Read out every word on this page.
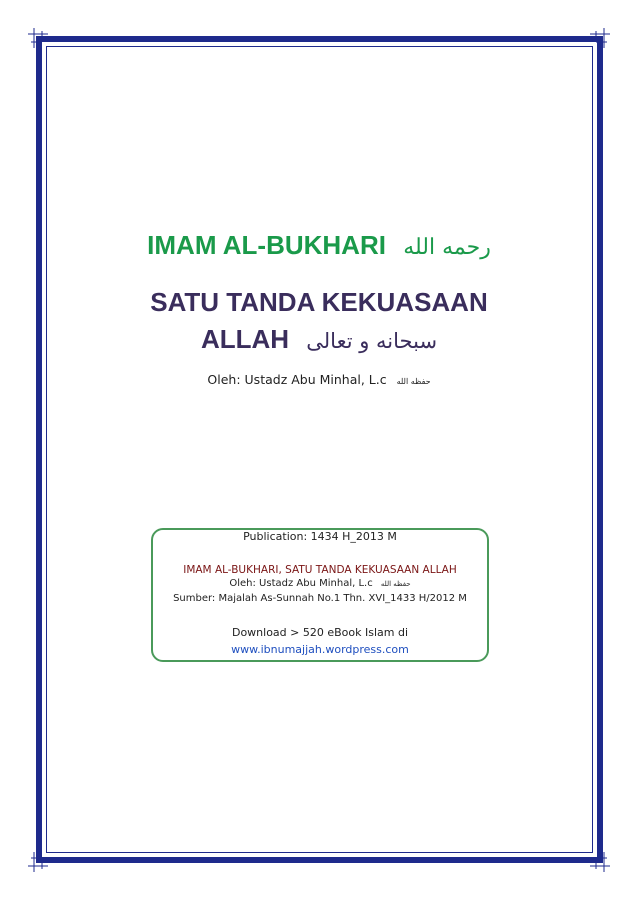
IMAM AL-BUKHARI رحمه الله
SATU TANDA KEKUASAAN
ALLAH سبحانه و تعالى
Oleh: Ustadz Abu Minhal, L.c حفظه الله
Publication: 1434 H_2013 M
IMAM AL-BUKHARI, SATU TANDA KEKUASAAN ALLAH
Oleh: Ustadz Abu Minhal, L.c حفظه الله
Sumber: Majalah As-Sunnah No.1 Thn. XVI_1433 H/2012 M
Download > 520 eBook Islam di
www.ibnumajjah.wordpress.com
